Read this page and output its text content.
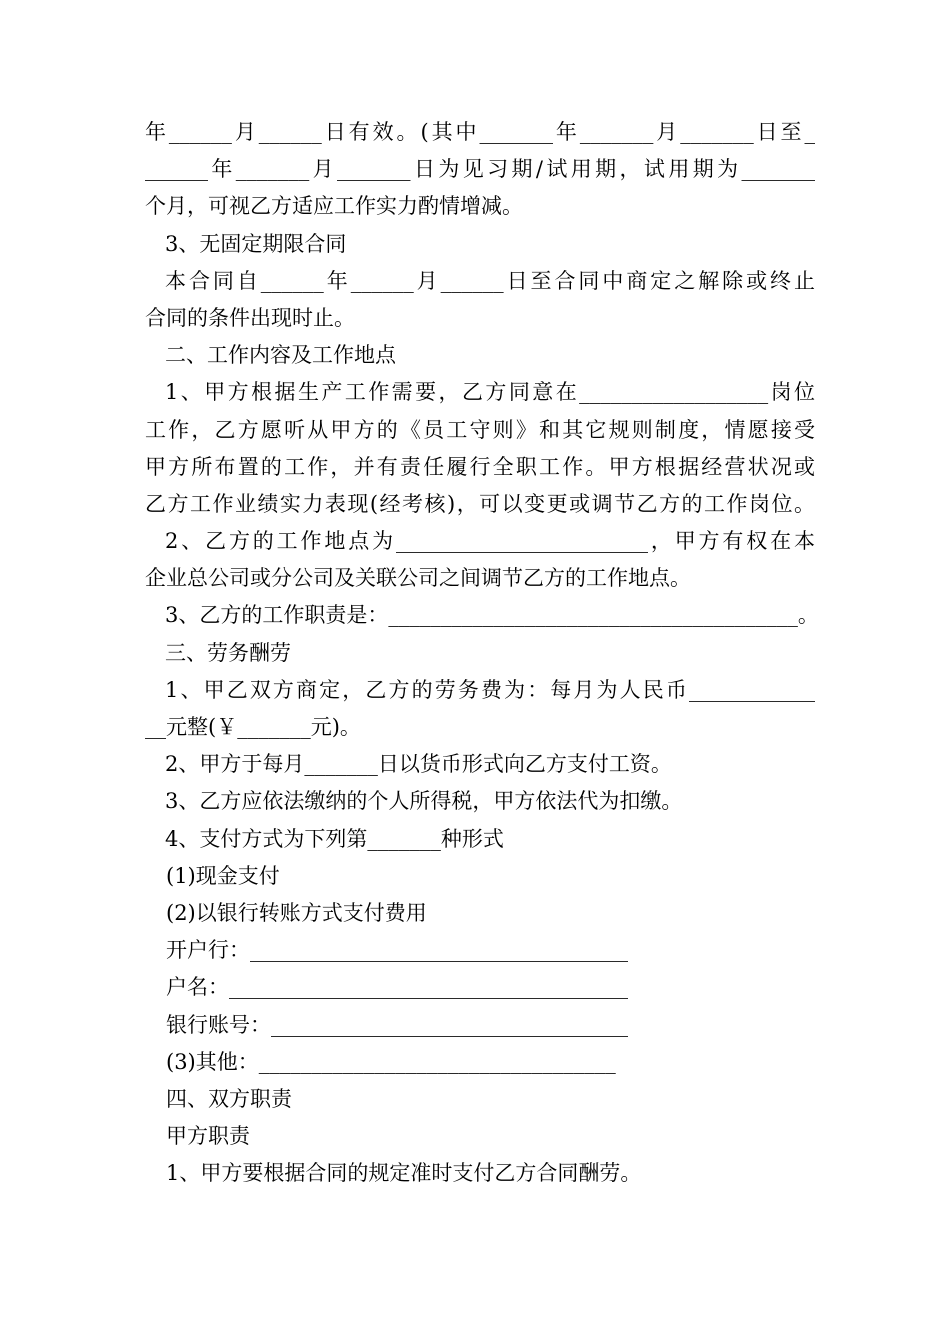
年______月______日有效。(其中_______年_______月_______日至_
______年_______月_______日为见习期/试用期，试用期为_______
个月，可视乙方适应工作实力酌情增减。
3、无固定期限合同
本合同自______年______月______日至合同中商定之解除或终止
合同的条件出现时止。
二、工作内容及工作地点
1、甲方根据生产工作需要，乙方同意在__________________岗位
工作，乙方愿听从甲方的《员工守则》和其它规则制度，情愿接受
甲方所布置的工作，并有责任履行全职工作。甲方根据经营状况或
乙方工作业绩实力表现(经考核)，可以变更或调节乙方的工作岗位。
2、乙方的工作地点为________________________，甲方有权在本
企业总公司或分公司及关联公司之间调节乙方的工作地点。
3、乙方的工作职责是：_______________________________________。
三、劳务酬劳
1、甲乙双方商定，乙方的劳务费为：每月为人民币____________
__元整(￥_______元)。
2、甲方于每月_______日以货币形式向乙方支付工资。
3、乙方应依法缴纳的个人所得税，甲方依法代为扣缴。
4、支付方式为下列第_______种形式
(1)现金支付
(2)以银行转账方式支付费用
开户行：____________________________________
户名：______________________________________
银行账号：__________________________________
(3)其他：__________________________________
四、双方职责
甲方职责
1、甲方要根据合同的规定准时支付乙方合同酬劳。
